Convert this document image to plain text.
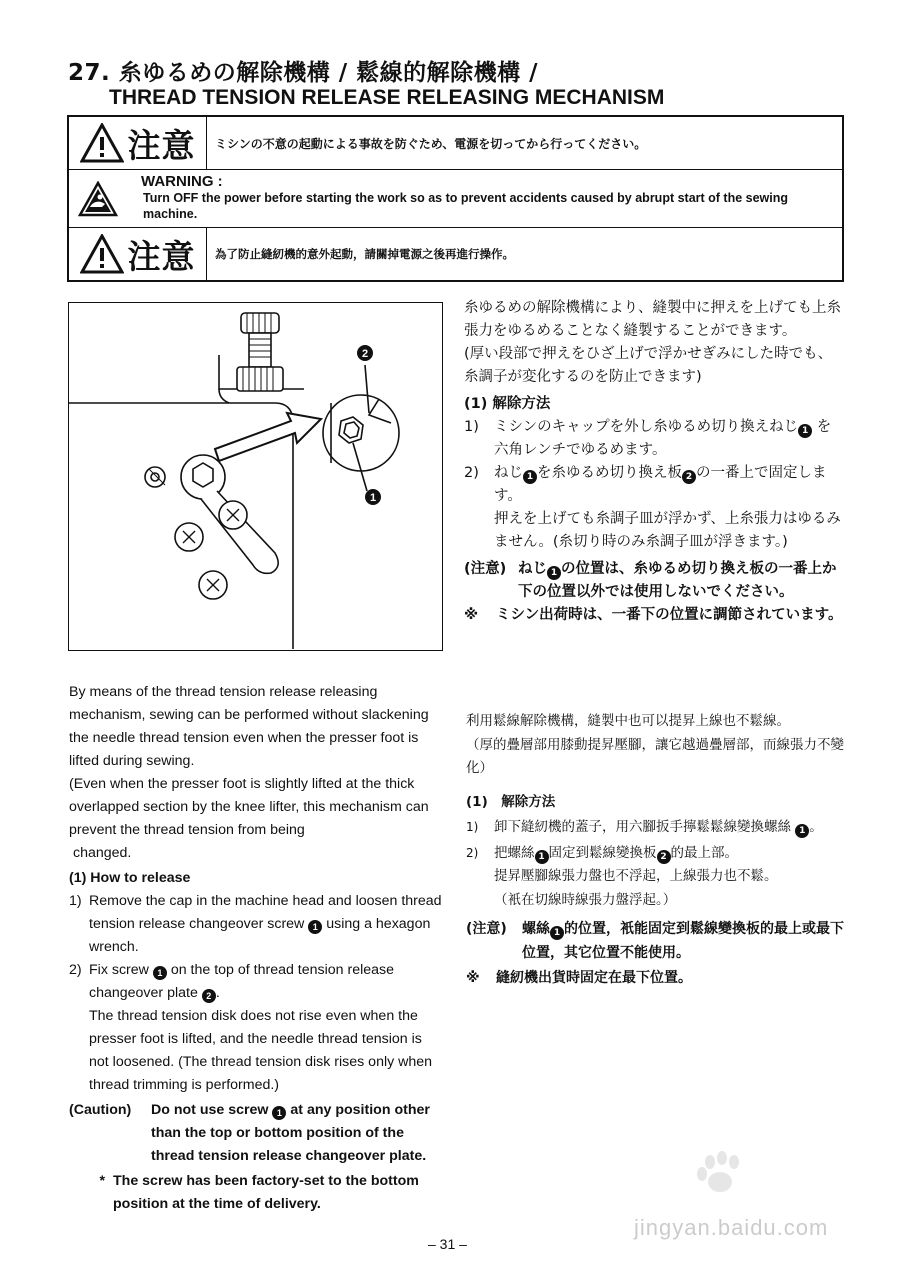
27. 糸ゆるめの解除機構 / 鬆線的解除機構 /
THREAD TENSION RELEASE RELEASING MECHANISM
注意	ミシンの不意の起動による事故を防ぐため、電源を切ってから行ってください。
WARNING :
Turn OFF the power before starting the work so as to prevent accidents caused by abrupt start of the sewing
machine.
注意	為了防止縫紉機的意外起動，請關掉電源之後再進行操作。
2
1

By means of the thread tension release releasing mechanism, sewing can be performed without slackening the needle thread tension even when the presser foot is lifted during sewing.

(Even when the presser foot is slightly lifted at the thick overlapped section by the knee lifter, this mechanism can prevent the thread tension from being

changed.

(1) How to release

1) Remove the cap in the machine head and loosen thread tension release changeover screw 1 using a hexagon wrench.
2) Fix screw 1 on the top of thread tension release changeover plate 2 .

The thread tension disk does not rise even when the presser foot is lifted, and the needle thread tension is not loosened. (The thread tension disk rises only when thread trimming is performed.)

(Caution)	Do not use screw 1 at any position other than the top or bottom position of the thread tension release changeover plate.
* The screw has been factory-set to the bottom position at the time of delivery.

糸ゆるめの解除機構により、縫製中に押えを上げても上糸張力をゆるめることなく縫製することができます。

(厚い段部で押えをひざ上げで浮かせぎみにした時でも、糸調子が変化するのを防止できます)

(1) 解除方法

1)	ミシンのキャップを外し糸ゆるめ切り換えねじ 1 を六角レンチでゆるめます。
2)	ねじ 1 を糸ゆるめ切り換え板 2 の一番上で固定します。
押えを上げても糸調子皿が浮かず、上糸張力はゆるみません。(糸切り時のみ糸調子皿が浮きます。)
(注意) ねじ 1 の位置は、糸ゆるめ切り換え板の一番上か下の位置以外では使用しないでください。
※	ミシン出荷時は、一番下の位置に調節されています。

利用鬆線解除機構，縫製中也可以提昇上線也不鬆線。

（厚的疊層部用膝動提昇壓腳，讓它越過疊層部，而線張力不變化）

(1)　解除方法

1)	卸下縫紉機的蓋子，用六腳扳手擰鬆鬆線變換螺絲 1 。
2)	把螺絲 1 固定到鬆線變換板 2 的最上部。
提昇壓腳線張力盤也不浮起，上線張力也不鬆。
（衹在切線時線張力盤浮起。）
(注意)	螺絲 1 的位置，衹能固定到鬆線變換板的最上或最下位置，其它位置不能使用。
※	縫紉機出貨時固定在最下位置。
jingyan.baidu.com
– 31 –
